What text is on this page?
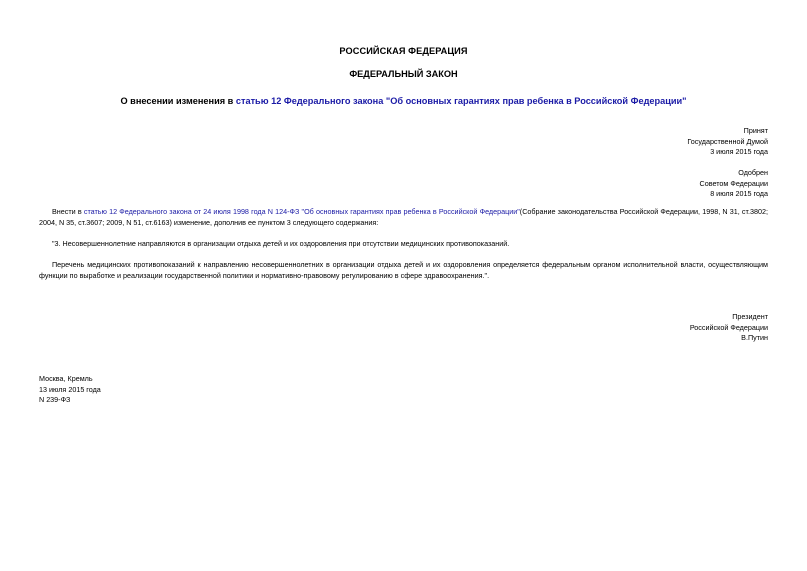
РОССИЙСКАЯ ФЕДЕРАЦИЯ
ФЕДЕРАЛЬНЫЙ ЗАКОН
О внесении изменения в статью 12 Федерального закона "Об основных гарантиях прав ребенка в Российской Федерации"
Принят
Государственной Думой
3 июля 2015 года
Одобрен
Советом Федерации
8 июля 2015 года
Внести в статью 12 Федерального закона от 24 июля 1998 года N 124-ФЗ "Об основных гарантиях прав ребенка в Российской Федерации"(Собрание законодательства Российской Федерации, 1998, N 31, ст.3802; 2004, N 35, ст.3607; 2009, N 51, ст.6163) изменение, дополнив ее пунктом 3 следующего содержания:
"3. Несовершеннолетние направляются в организации отдыха детей и их оздоровления при отсутствии медицинских противопоказаний.
Перечень медицинских противопоказаний к направлению несовершеннолетних в организации отдыха детей и их оздоровления определяется федеральным органом исполнительной власти, осуществляющим функции по выработке и реализации государственной политики и нормативно-правовому регулированию в сфере здравоохранения.".
Президент
Российской Федерации
В.Путин
Москва, Кремль
13 июля 2015 года
N 239-ФЗ
